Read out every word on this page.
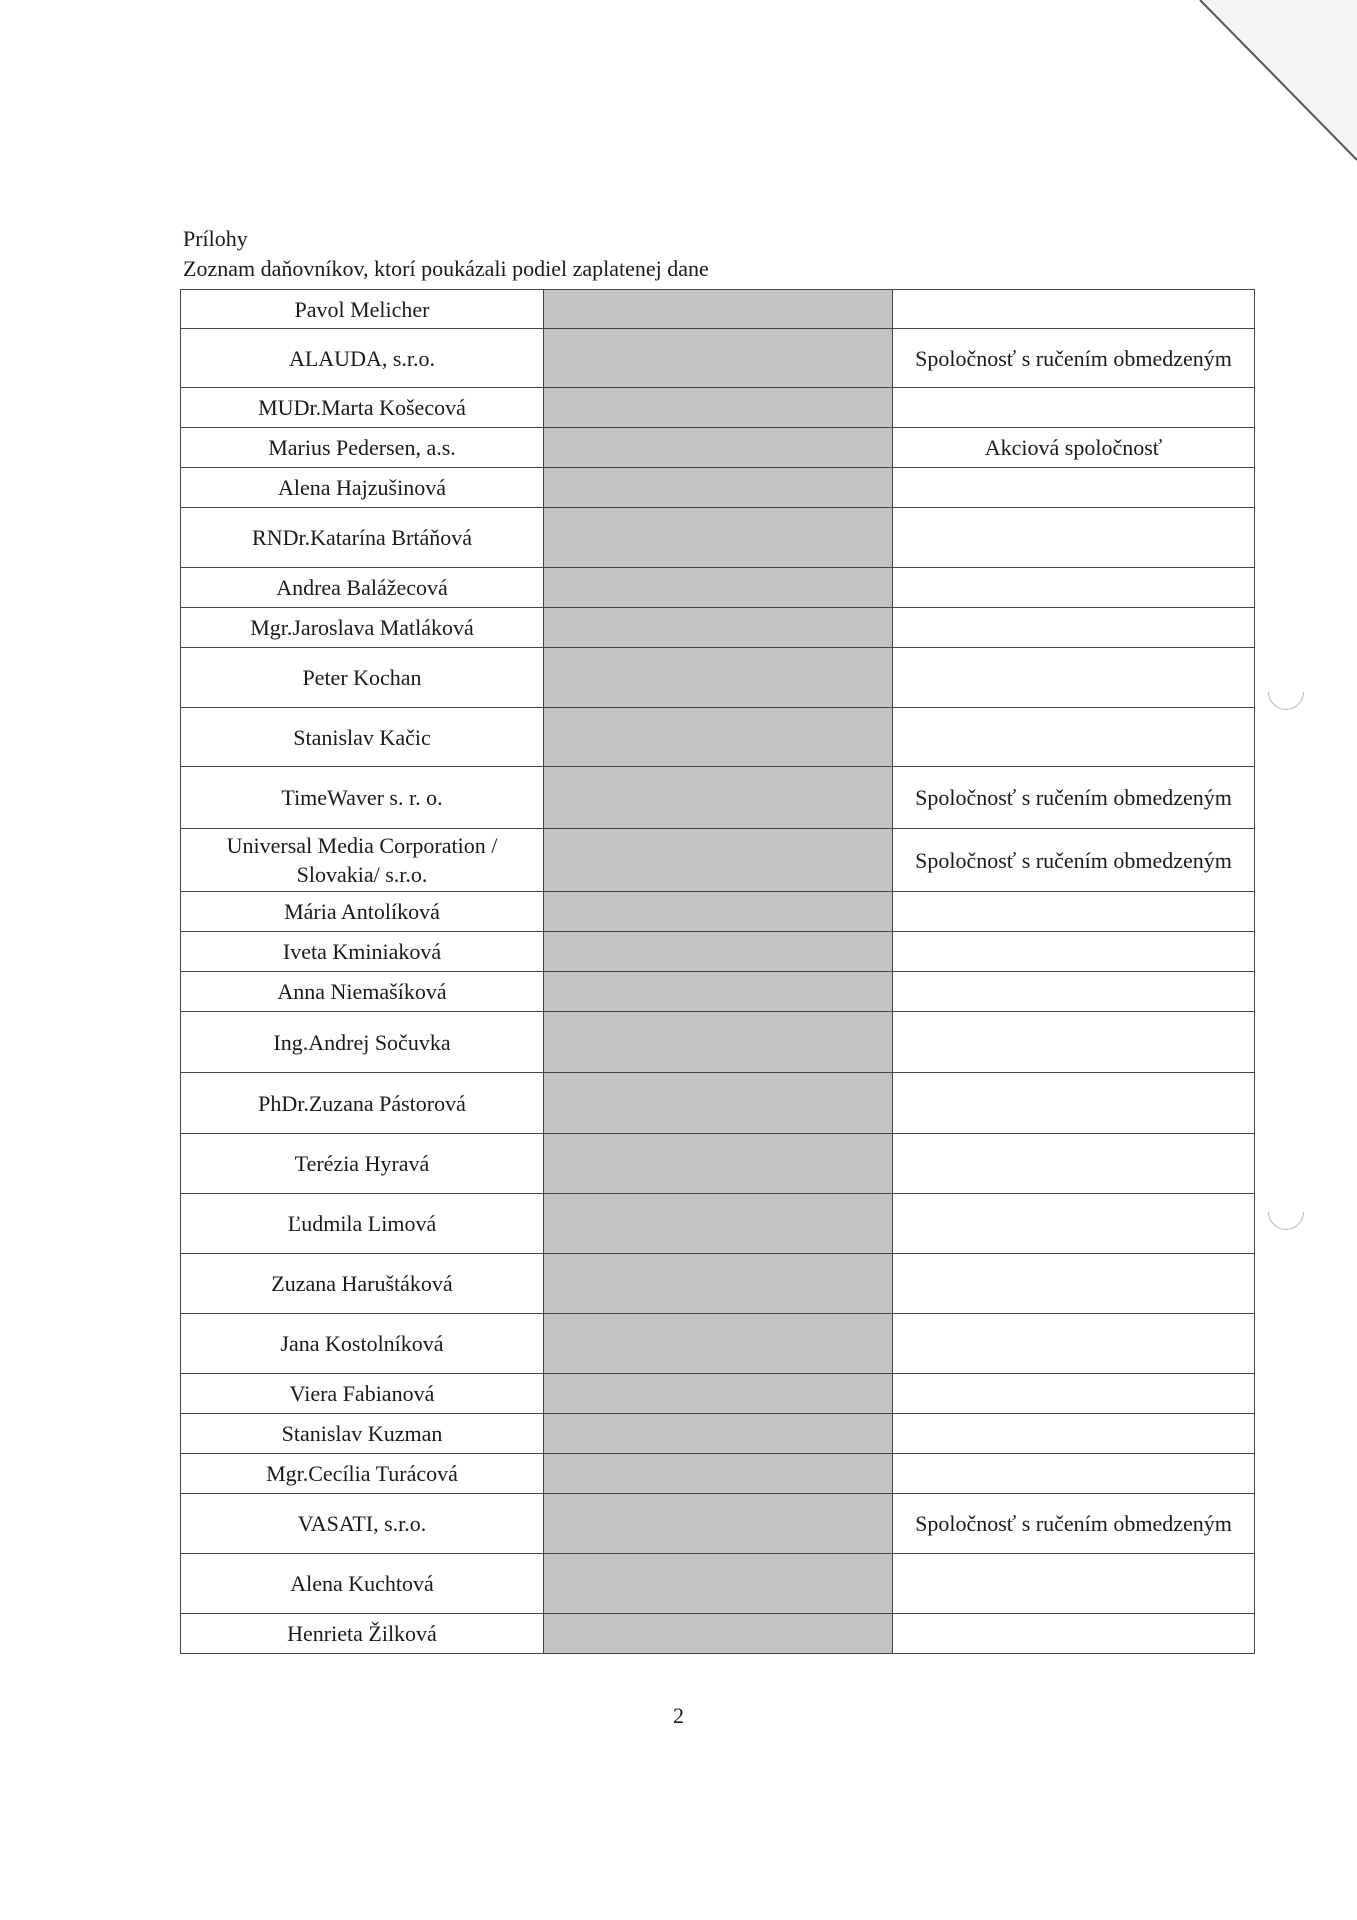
Prílohy
Zoznam daňovníkov, ktorí poukázali podiel zaplatenej dane
Pavol Melicher		
ALAUDA, s.r.o.		Spoločnosť s ručením obmedzeným
MUDr.Marta Košecová		
Marius Pedersen, a.s.		Akciová spoločnosť
Alena Hajzušinová		
RNDr.Katarína Brtáňová		
Andrea Balážecová		
Mgr.Jaroslava Matláková		
Peter Kochan		
Stanislav Kačic		
TimeWaver s. r. o.		Spoločnosť s ručením obmedzeným
Universal Media Corporation / Slovakia/ s.r.o.		Spoločnosť s ručením obmedzeným
Mária Antolíková		
Iveta Kminiaková		
Anna Niemašíková		
Ing.Andrej Sočuvka		
PhDr.Zuzana Pástorová		
Terézia Hyravá		
Ľudmila Limová		
Zuzana Haruštáková		
Jana Kostolníková		
Viera Fabianová		
Stanislav Kuzman		
Mgr.Cecília Turácová		
VASATI, s.r.o.		Spoločnosť s ručením obmedzeným
Alena Kuchtová		
Henrieta Žilková		
2
